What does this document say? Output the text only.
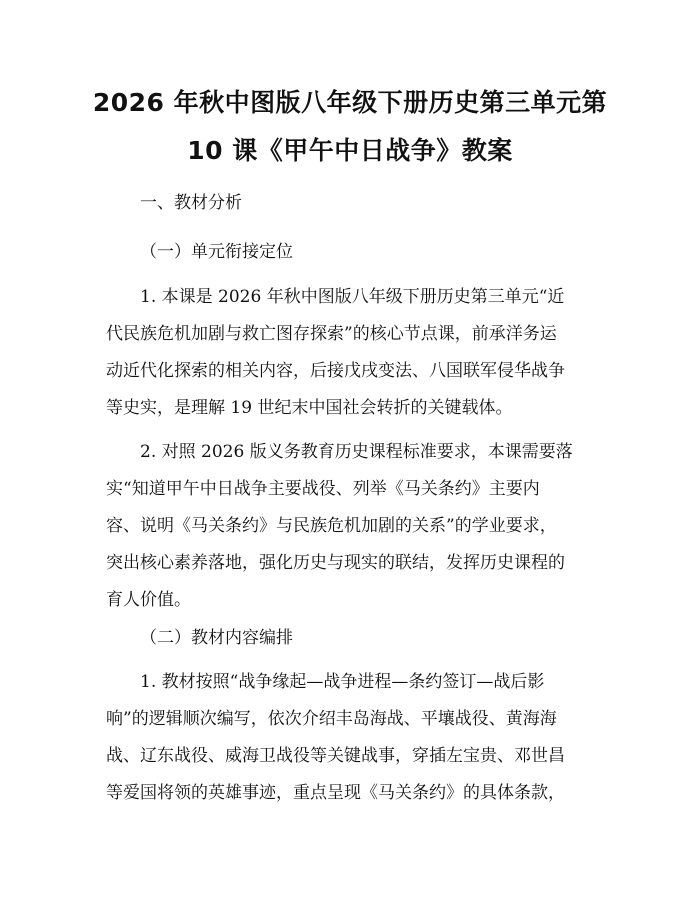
2026 年秋中图版八年级下册历史第三单元第
10 课《甲午中日战争》教案

一、教材分析

（一）单元衔接定位

1. 本课是 2026 年秋中图版八年级下册历史第三单元“近
代民族危机加剧与救亡图存探索”的核心节点课，前承洋务运
动近代化探索的相关内容，后接戊戌变法、八国联军侵华战争
等史实，是理解 19 世纪末中国社会转折的关键载体。
2. 对照 2026 版义务教育历史课程标准要求，本课需要落
实“知道甲午中日战争主要战役、列举《马关条约》主要内
容、说明《马关条约》与民族危机加剧的关系”的学业要求，
突出核心素养落地，强化历史与现实的联结，发挥历史课程的
育人价值。

（二）教材内容编排

1. 教材按照“战争缘起—战争进程—条约签订—战后影
响”的逻辑顺次编写，依次介绍丰岛海战、平壤战役、黄海海
战、辽东战役、威海卫战役等关键战事，穿插左宝贵、邓世昌
等爱国将领的英雄事迹，重点呈现《马关条约》的具体条款，
